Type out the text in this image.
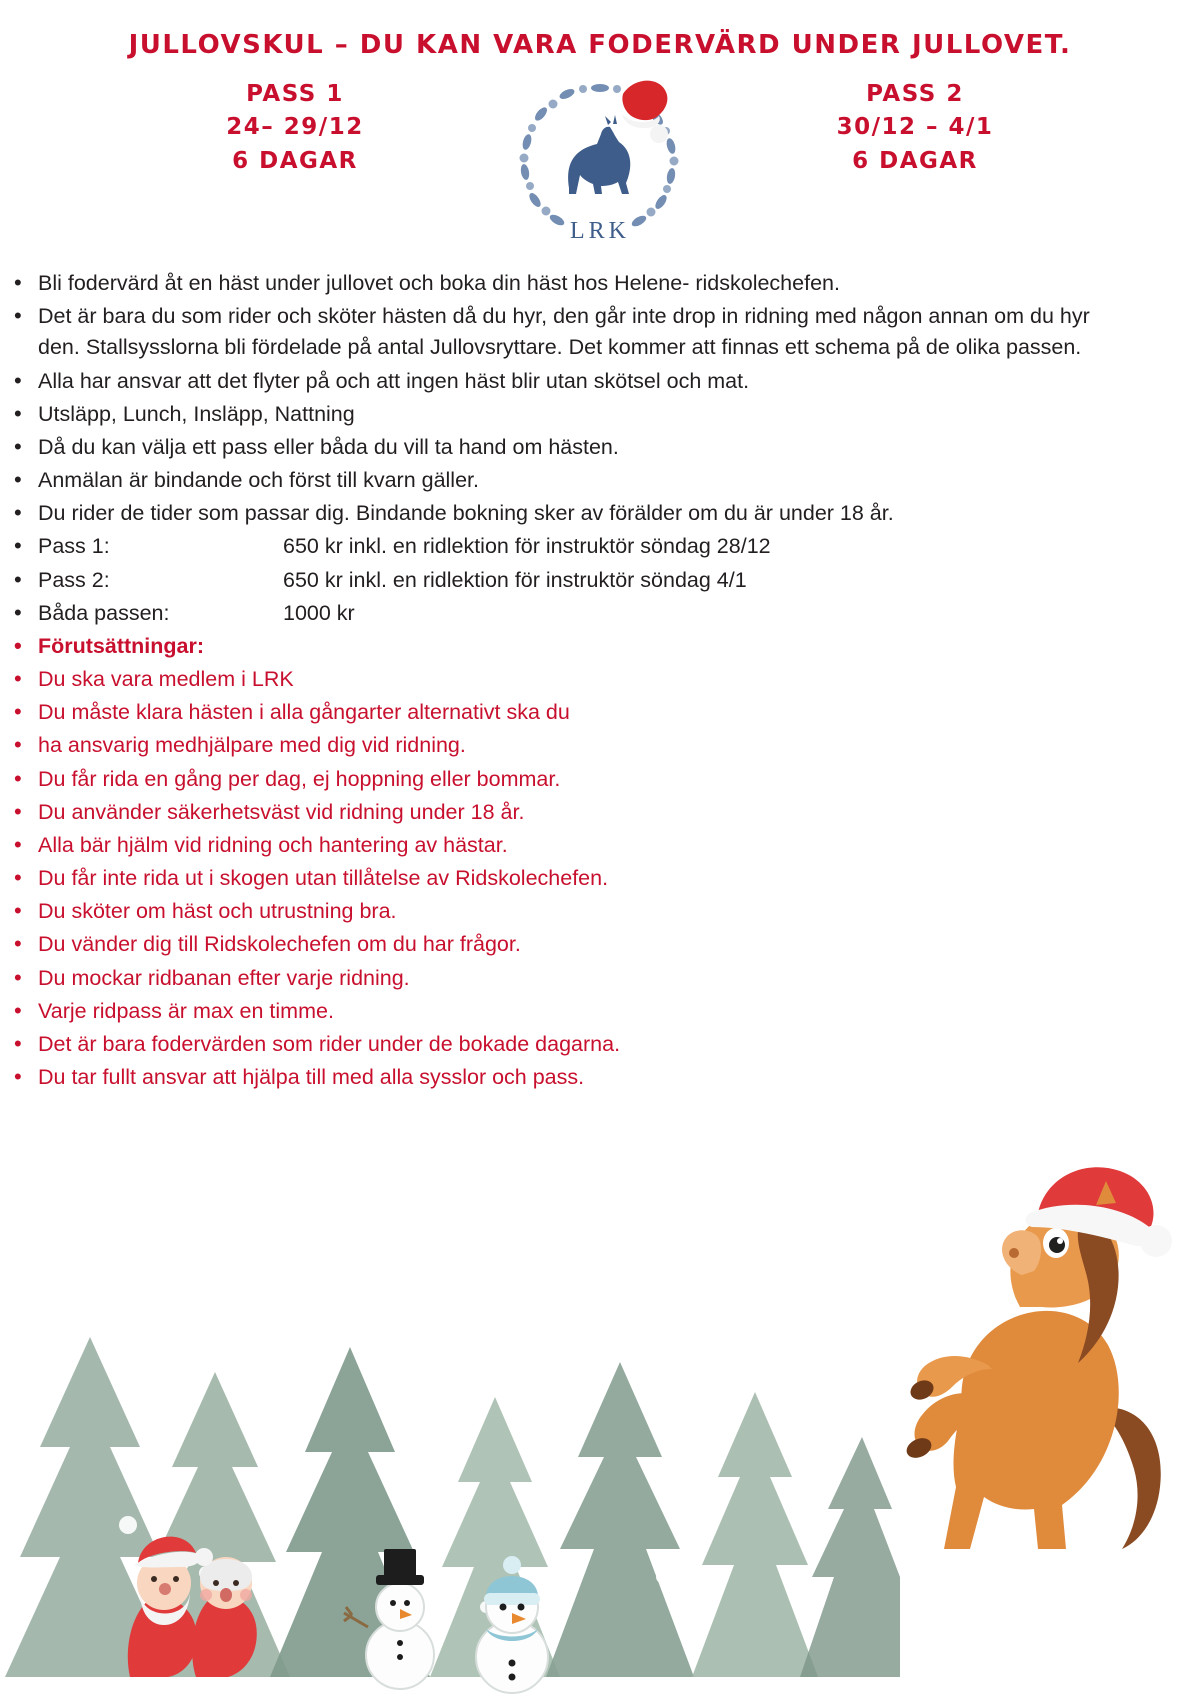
JULLOVSKUL – DU KAN VARA FODERVÄRD UNDER JULLOVET.
PASS 1
24– 29/12
6 DAGAR
PASS 2
30/12 – 4/1
6 DAGAR
LRK
• Bli fodervärd åt en häst under jullovet och boka din häst hos Helene- ridskolechefen.
• Det är bara du som rider och sköter hästen då du hyr, den går inte drop in ridning med någon annan om du hyr den. Stallsysslorna bli fördelade på antal Jullovsryttare. Det kommer att finnas ett schema på de olika passen.
• Alla har ansvar att det flyter på och att ingen häst blir utan skötsel och mat.
• Utsläpp, Lunch, Insläpp, Nattning
• Då du kan välja ett pass eller båda du vill ta hand om hästen.
• Anmälan är bindande och först till kvarn gäller.
• Du rider de tider som passar dig. Bindande bokning sker av förälder om du är under 18 år.
• Pass 1:	650 kr inkl. en ridlektion för instruktör söndag 28/12
• Pass 2:	650 kr inkl. en ridlektion för instruktör söndag 4/1
• Båda passen:	1000 kr
• Förutsättningar:
• Du ska vara medlem i LRK
• Du måste klara hästen i alla gångarter alternativt ska du
• ha ansvarig medhjälpare med dig vid ridning.
• Du får rida en gång per dag, ej hoppning eller bommar.
• Du använder säkerhetsväst vid ridning under 18 år.
• Alla bär hjälm vid ridning och hantering av hästar.
• Du får inte rida ut i skogen utan tillåtelse av Ridskolechefen.
• Du sköter om häst och utrustning bra.
• Du vänder dig till Ridskolechefen om du har frågor.
• Du mockar ridbanan efter varje ridning.
• Varje ridpass är max en timme.
• Det är bara fodervärden som rider under de bokade dagarna.
• Du tar fullt ansvar att hjälpa till med alla sysslor och pass.
